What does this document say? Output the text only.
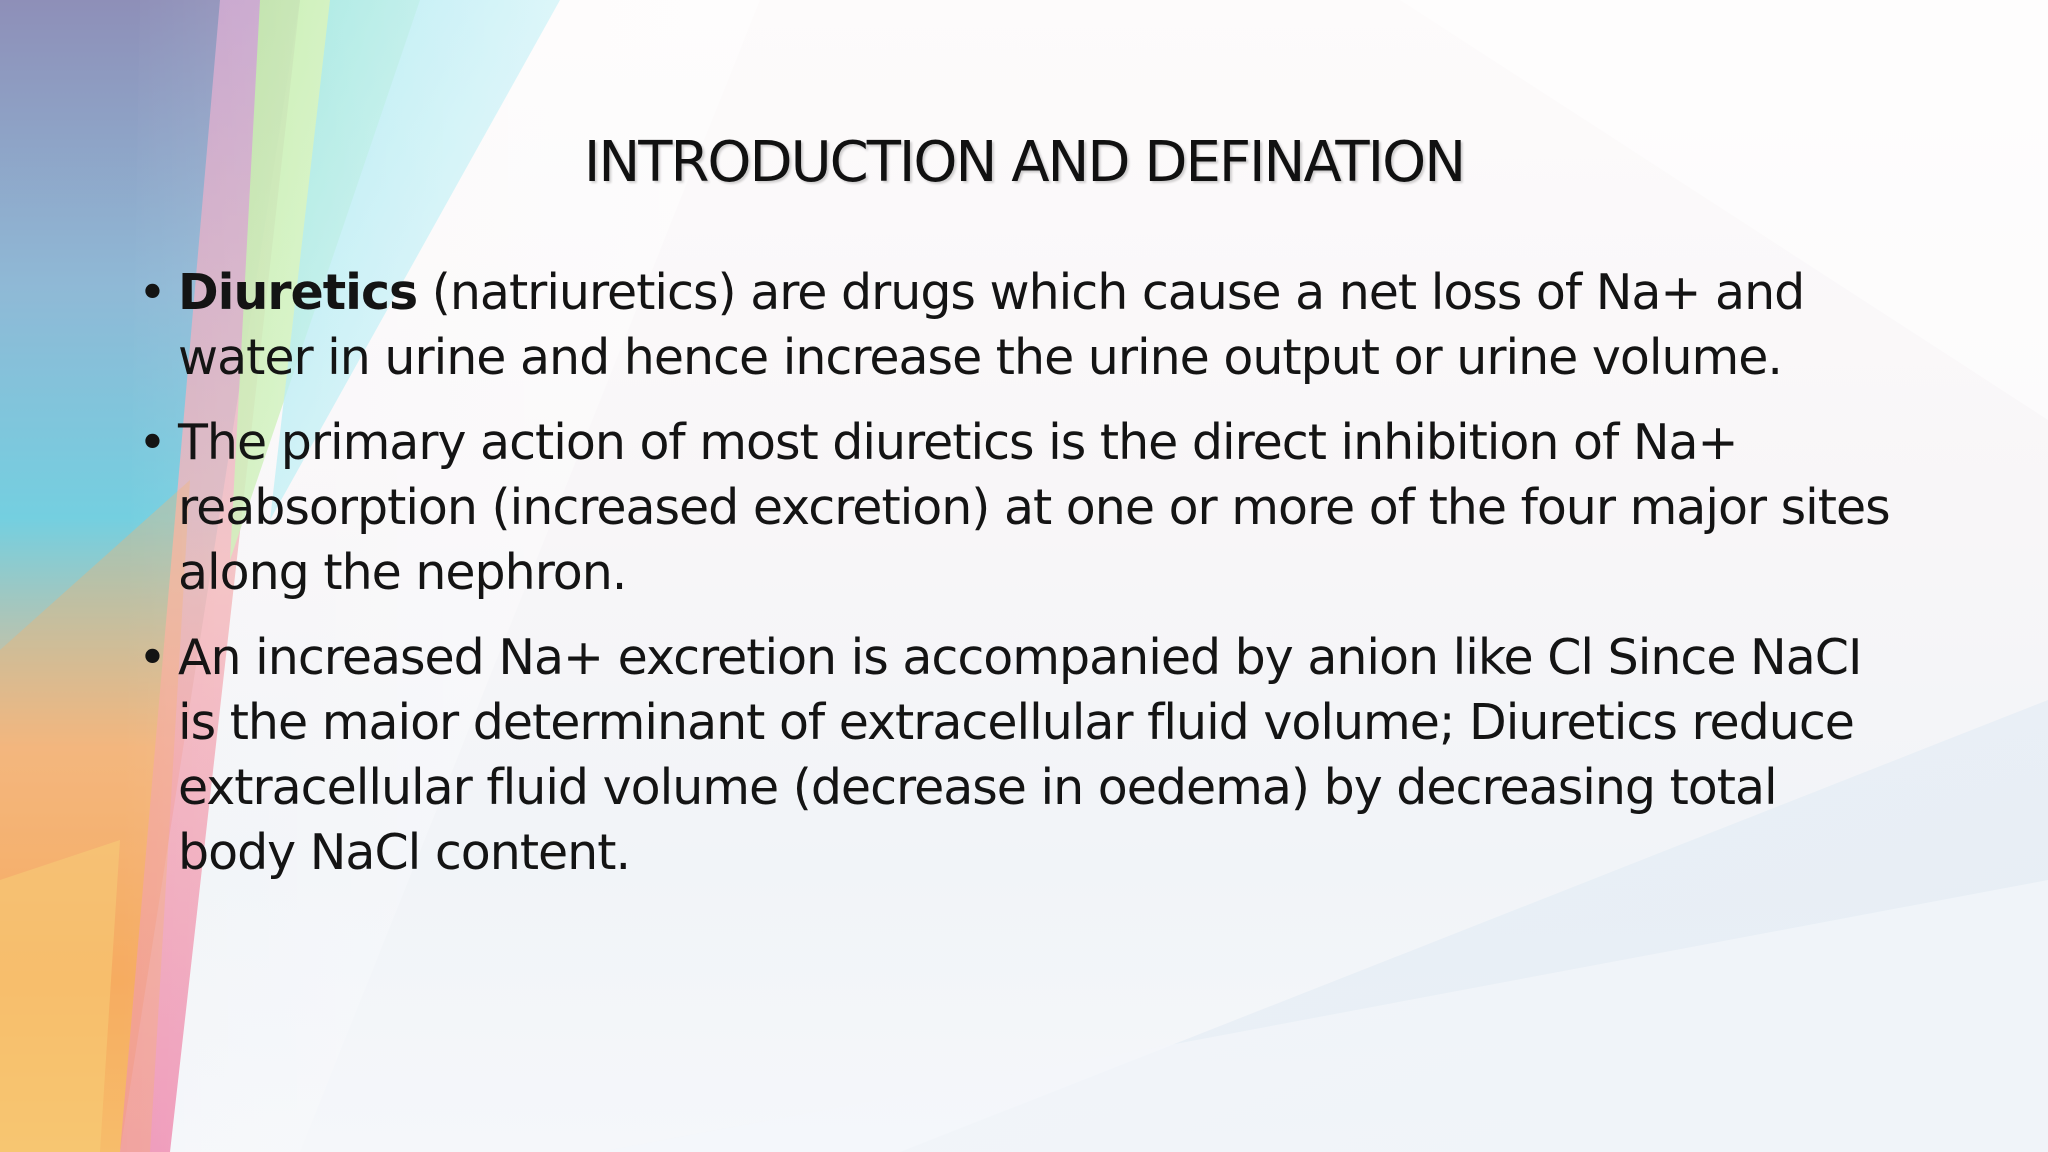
INTRODUCTION AND DEFINATION
• Diuretics (natriuretics) are drugs which cause a net loss of Na+ and water in urine and hence increase the urine output or urine volume.
• The primary action of most diuretics is the direct inhibition of Na+ reabsorption (increased excretion) at one or more of the four major sites along the nephron.
• An increased Na+ excretion is accompanied by anion like Cl Since NaCI is the maior determinant of extracellular fluid volume; Diuretics reduce extracellular fluid volume (decrease in oedema) by decreasing total body NaCl content.
